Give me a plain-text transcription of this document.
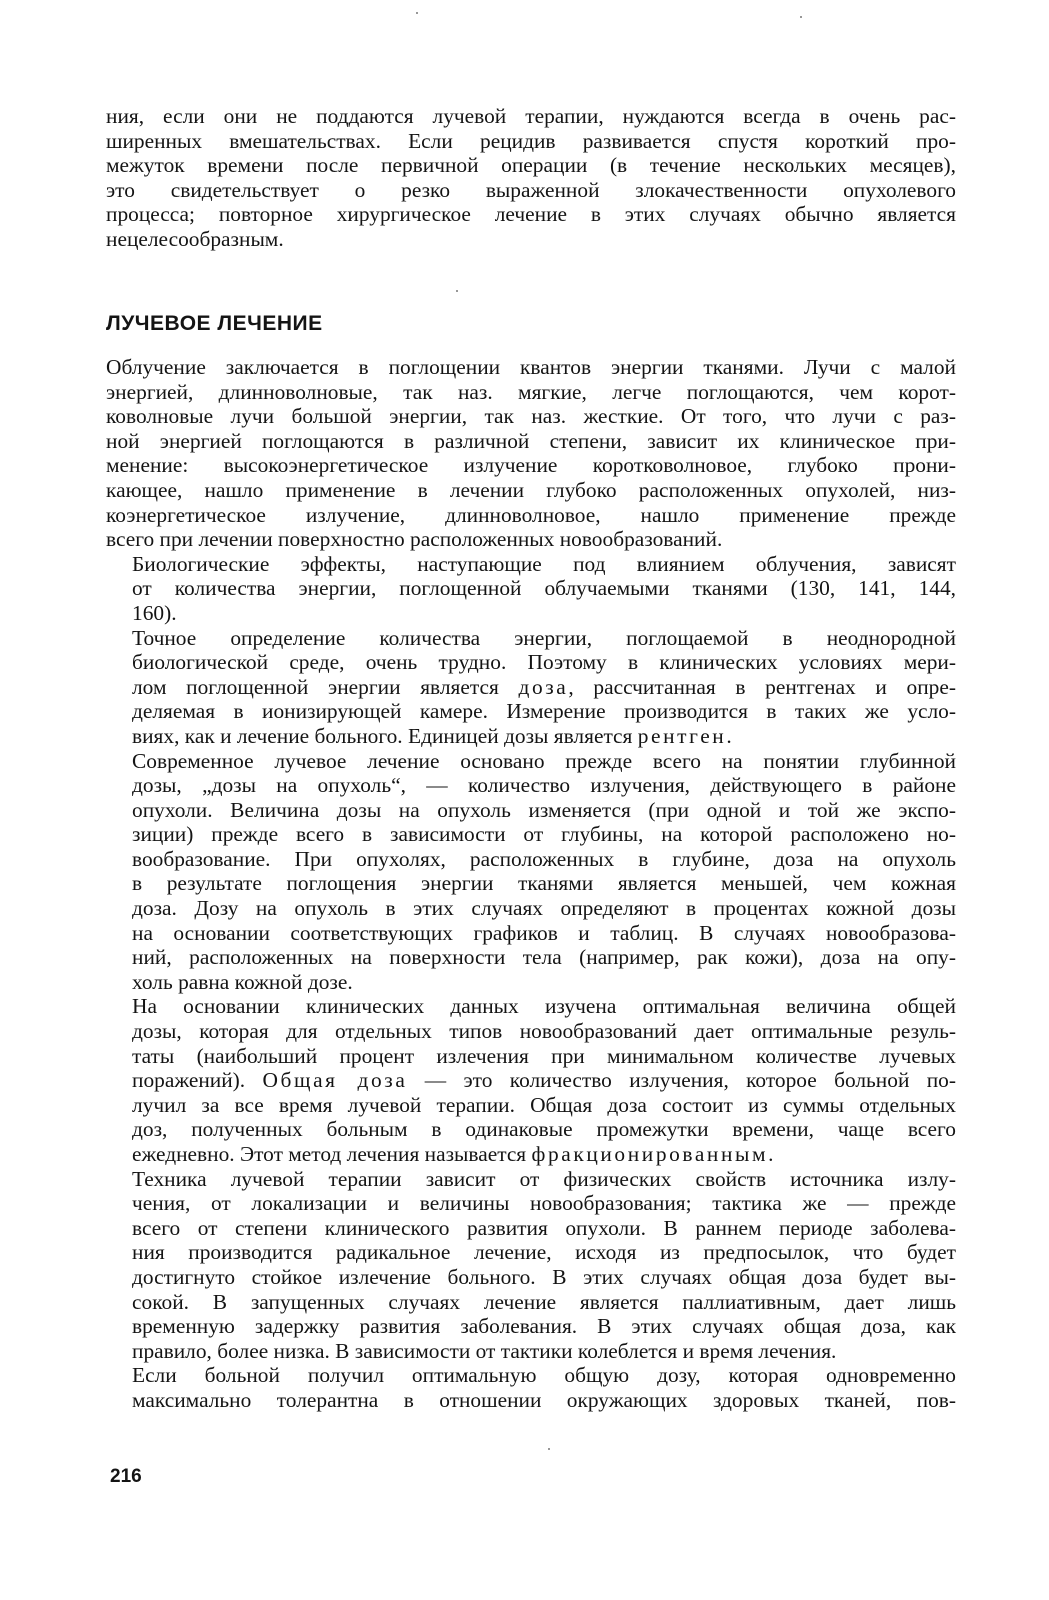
ния, если они не поддаются лучевой терапии, нуждаются всегда в очень рас-
ширенных вмешательствах. Если рецидив развивается спустя короткий про-
межуток времени после первичной операции (в течение нескольких месяцев),
это свидетельствует о резко выраженной злокачественности опухолевого
процесса; повторное хирургическое лечение в этих случаях обычно является
нецелесообразным.

ЛУЧЕВОЕ ЛЕЧЕНИЕ

Облучение заключается в поглощении квантов энергии тканями. Лучи с малой
энергией, длинноволновые, так наз. мягкие, легче поглощаются, чем корот-
коволновые лучи большой энергии, так наз. жесткие. От того, что лучи с раз-
ной энергией поглощаются в различной степени, зависит их клиническое при-
менение: высокоэнергетическое излучение коротковолновое, глубоко прони-
кающее, нашло применение в лечении глубоко расположенных опухолей, низ-
коэнергетическое излучение, длинноволновое, нашло применение прежде
всего при лечении поверхностно расположенных новообразований.

Биологические эффекты, наступающие под влиянием облучения, зависят
от количества энергии, поглощенной облучаемыми тканями (130, 141, 144,
160).

Точное определение количества энергии, поглощаемой в неоднородной
биологической среде, очень трудно. Поэтому в клинических условиях мери-
лом поглощенной энергии является доза, рассчитанная в рентгенах и опре-
деляемая в ионизирующей камере. Измерение производится в таких же усло-
виях, как и лечение больного. Единицей дозы является рентген.

Современное лучевое лечение основано прежде всего на понятии глубинной
дозы, „дозы на опухоль“, — количество излучения, действующего в районе
опухоли. Величина дозы на опухоль изменяется (при одной и той же экспо-
зиции) прежде всего в зависимости от глубины, на которой расположено но-
вообразование. При опухолях, расположенных в глубине, доза на опухоль
в результате поглощения энергии тканями является меньшей, чем кожная
доза. Дозу на опухоль в этих случаях определяют в процентах кожной дозы
на основании соответствующих графиков и таблиц. В случаях новообразова-
ний, расположенных на поверхности тела (например, рак кожи), доза на опу-
холь равна кожной дозе.

На основании клинических данных изучена оптимальная величина общей
дозы, которая для отдельных типов новообразований дает оптимальные резуль-
таты (наибольший процент излечения при минимальном количестве лучевых
поражений). Общая доза — это количество излучения, которое больной по-
лучил за все время лучевой терапии. Общая доза состоит из суммы отдельных
доз, полученных больным в одинаковые промежутки времени, чаще всего
ежедневно. Этот метод лечения называется фракционированным.

Техника лучевой терапии зависит от физических свойств источника излу-
чения, от локализации и величины новообразования; тактика же — прежде
всего от степени клинического развития опухоли. В раннем периоде заболева-
ния производится радикальное лечение, исходя из предпосылок, что будет
достигнуто стойкое излечение больного. В этих случаях общая доза будет вы-
сокой. В запущенных случаях лечение является паллиативным, дает лишь
временную задержку развития заболевания. В этих случаях общая доза, как
правило, более низка. В зависимости от тактики колеблется и время лечения.

Если больной получил оптимальную общую дозу, которая одновременно
максимально толерантна в отношении окружающих здоровых тканей, пов-

216
